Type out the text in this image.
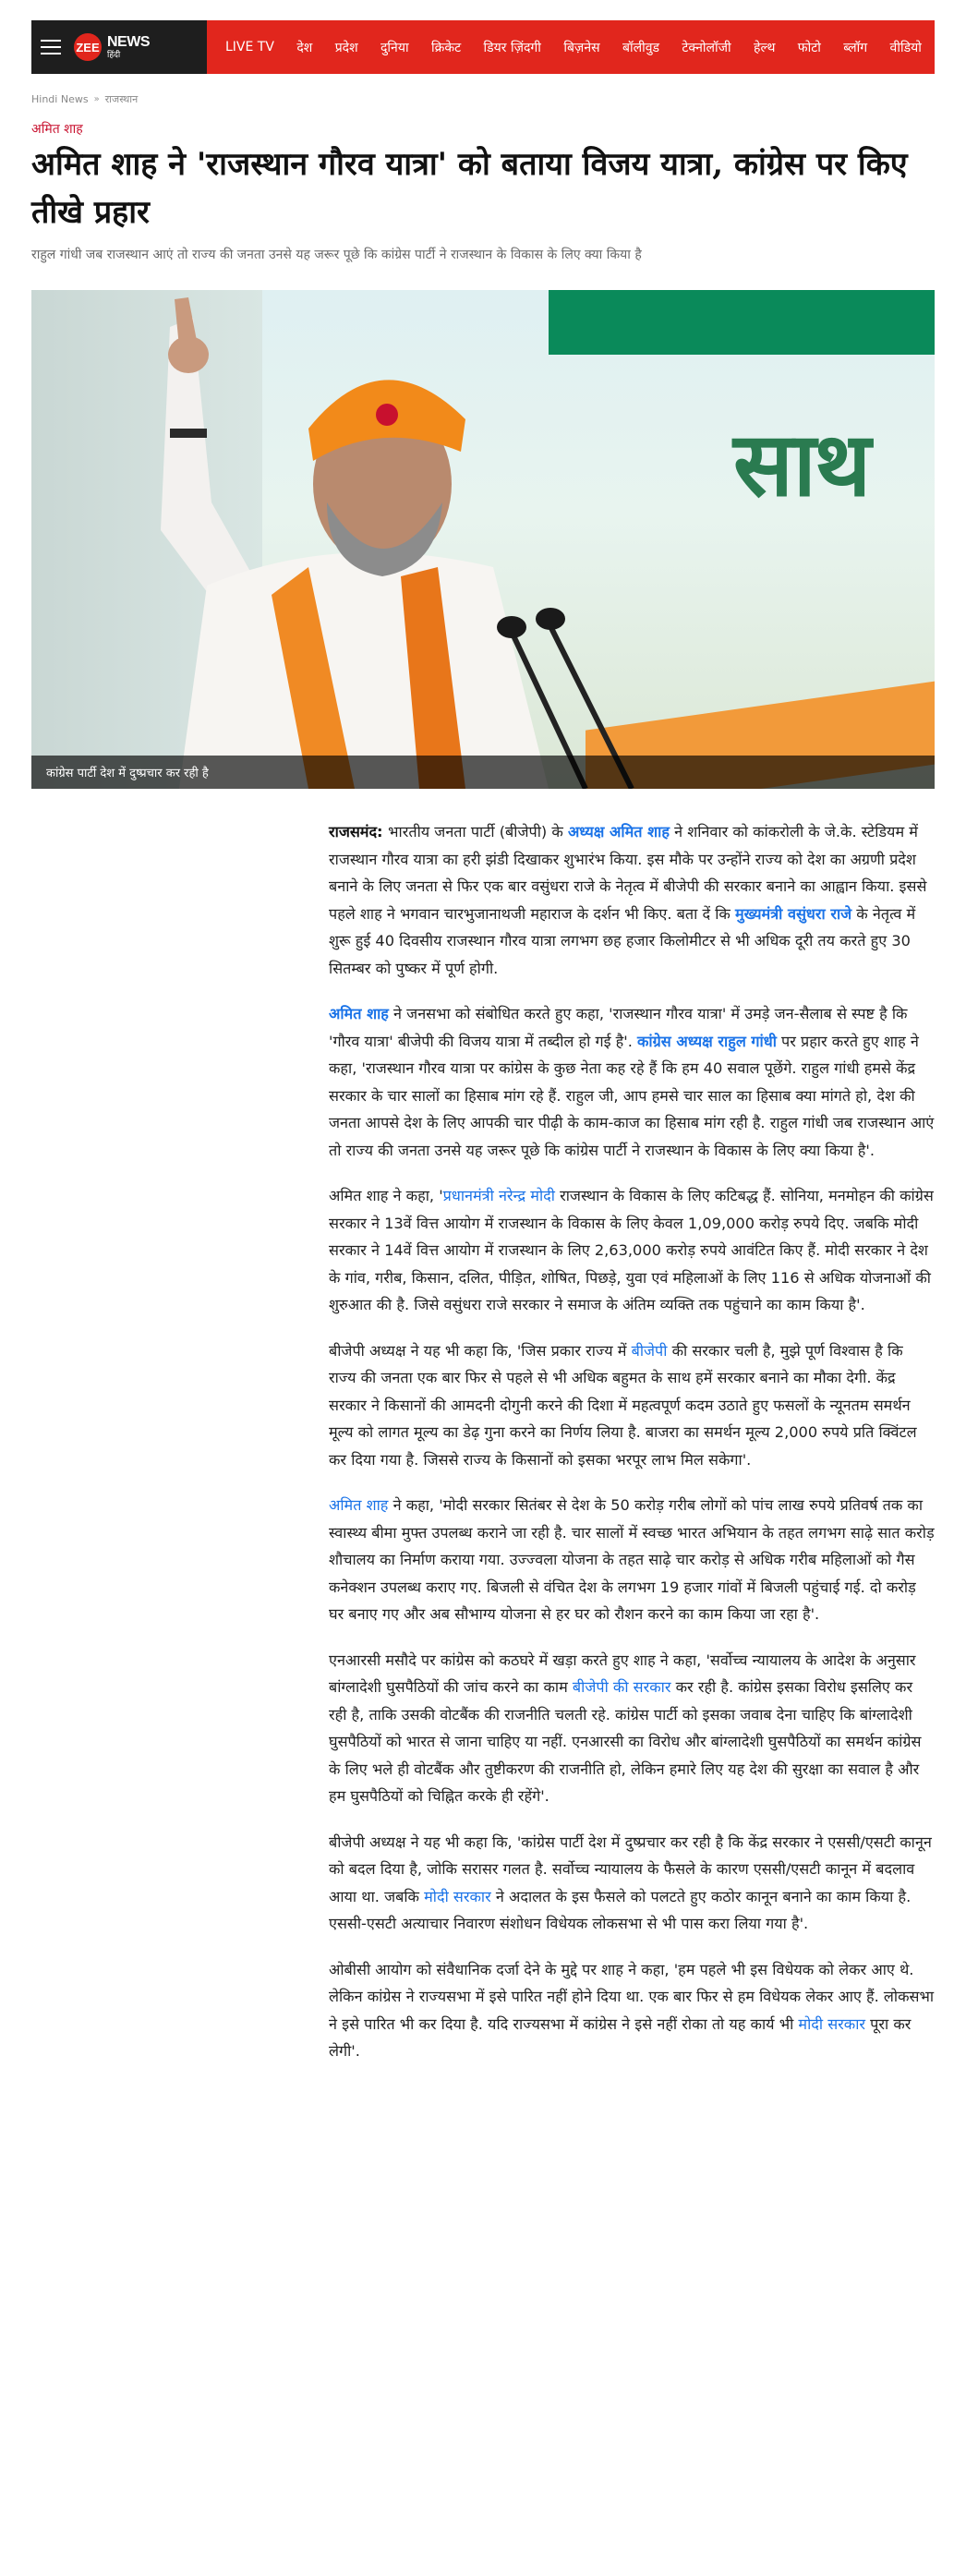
ZEE NEWS
हिंदी
LIVE TV देश प्रदेश दुनिया क्रिकेट डियर ज़िंदगी बिज़नेस बॉलीवुड टेक्नोलॉजी हेल्थ फोटो ब्लॉग वीडियो
Hindi News » राजस्थान
अमित शाह
अमित शाह ने 'राजस्थान गौरव यात्रा' को बताया विजय यात्रा, कांग्रेस पर किए तीखे प्रहार
राहुल गांधी जब राजस्थान आएं तो राज्य की जनता उनसे यह जरूर पूछे कि कांग्रेस पार्टी ने राजस्थान के विकास के लिए क्या किया है
साथ
कांग्रेस पार्टी देश में दुष्प्रचार कर रही है

राजसमंद: भारतीय जनता पार्टी (बीजेपी) के अध्यक्ष अमित शाह ने शनिवार को कांकरोली के जे.के. स्टेडियम में राजस्थान गौरव यात्रा का हरी झंडी दिखाकर शुभारंभ किया. इस मौके पर उन्होंने राज्य को देश का अग्रणी प्रदेश बनाने के लिए जनता से फिर एक बार वसुंधरा राजे के नेतृत्व में बीजेपी की सरकार बनाने का आह्वान किया. इससे पहले शाह ने भगवान चारभुजानाथजी महाराज के दर्शन भी किए. बता दें कि मुख्यमंत्री वसुंधरा राजे के नेतृत्व में शुरू हुई 40 दिवसीय राजस्थान गौरव यात्रा लगभग छह हजार किलोमीटर से भी अधिक दूरी तय करते हुए 30 सितम्बर को पुष्कर में पूर्ण होगी.

अमित शाह ने जनसभा को संबोधित करते हुए कहा, 'राजस्थान गौरव यात्रा' में उमड़े जन-सैलाब से स्पष्ट है कि 'गौरव यात्रा' बीजेपी की विजय यात्रा में तब्दील हो गई है'. कांग्रेस अध्यक्ष राहुल गांधी पर प्रहार करते हुए शाह ने कहा, 'राजस्थान गौरव यात्रा पर कांग्रेस के कुछ नेता कह रहे हैं कि हम 40 सवाल पूछेंगे. राहुल गांधी हमसे केंद्र सरकार के चार सालों का हिसाब मांग रहे हैं. राहुल जी, आप हमसे चार साल का हिसाब क्या मांगते हो, देश की जनता आपसे देश के लिए आपकी चार पीढ़ी के काम-काज का हिसाब मांग रही है. राहुल गांधी जब राजस्थान आएं तो राज्य की जनता उनसे यह जरूर पूछे कि कांग्रेस पार्टी ने राजस्थान के विकास के लिए क्या किया है'.

अमित शाह ने कहा, 'प्रधानमंत्री नरेन्द्र मोदी राजस्थान के विकास के लिए कटिबद्ध हैं. सोनिया, मनमोहन की कांग्रेस सरकार ने 13वें वित्त आयोग में राजस्थान के विकास के लिए केवल 1,09,000 करोड़ रुपये दिए. जबकि मोदी सरकार ने 14वें वित्त आयोग में राजस्थान के लिए 2,63,000 करोड़ रुपये आवंटित किए हैं. मोदी सरकार ने देश के गांव, गरीब, किसान, दलित, पीड़ित, शोषित, पिछड़े, युवा एवं महिलाओं के लिए 116 से अधिक योजनाओं की शुरुआत की है. जिसे वसुंधरा राजे सरकार ने समाज के अंतिम व्यक्ति तक पहुंचाने का काम किया है'.

बीजेपी अध्यक्ष ने यह भी कहा कि, 'जिस प्रकार राज्य में बीजेपी की सरकार चली है, मुझे पूर्ण विश्वास है कि राज्य की जनता एक बार फिर से पहले से भी अधिक बहुमत के साथ हमें सरकार बनाने का मौका देगी. केंद्र सरकार ने किसानों की आमदनी दोगुनी करने की दिशा में महत्वपूर्ण कदम उठाते हुए फसलों के न्यूनतम समर्थन मूल्य को लागत मूल्य का डेढ़ गुना करने का निर्णय लिया है. बाजरा का समर्थन मूल्य 2,000 रुपये प्रति क्विंटल कर दिया गया है. जिससे राज्य के किसानों को इसका भरपूर लाभ मिल सकेगा'.

अमित शाह ने कहा, 'मोदी सरकार सितंबर से देश के 50 करोड़ गरीब लोगों को पांच लाख रुपये प्रतिवर्ष तक का स्वास्थ्य बीमा मुफ्त उपलब्ध कराने जा रही है. चार सालों में स्वच्छ भारत अभियान के तहत लगभग साढ़े सात करोड़ शौचालय का निर्माण कराया गया. उज्ज्वला योजना के तहत साढ़े चार करोड़ से अधिक गरीब महिलाओं को गैस कनेक्शन उपलब्ध कराए गए. बिजली से वंचित देश के लगभग 19 हजार गांवों में बिजली पहुंचाई गई. दो करोड़ घर बनाए गए और अब सौभाग्य योजना से हर घर को रौशन करने का काम किया जा रहा है'.

एनआरसी मसौदे पर कांग्रेस को कठघरे में खड़ा करते हुए शाह ने कहा, 'सर्वोच्च न्यायालय के आदेश के अनुसार बांग्लादेशी घुसपैठियों की जांच करने का काम बीजेपी की सरकार कर रही है. कांग्रेस इसका विरोध इसलिए कर रही है, ताकि उसकी वोटबैंक की राजनीति चलती रहे. कांग्रेस पार्टी को इसका जवाब देना चाहिए कि बांग्लादेशी घुसपैठियों को भारत से जाना चाहिए या नहीं. एनआरसी का विरोध और बांग्लादेशी घुसपैठियों का समर्थन कांग्रेस के लिए भले ही वोटबैंक और तुष्टीकरण की राजनीति हो, लेकिन हमारे लिए यह देश की सुरक्षा का सवाल है और हम घुसपैठियों को चिह्नित करके ही रहेंगे'.

बीजेपी अध्यक्ष ने यह भी कहा कि, 'कांग्रेस पार्टी देश में दुष्प्रचार कर रही है कि केंद्र सरकार ने एससी/एसटी कानून को बदल दिया है, जोकि सरासर गलत है. सर्वोच्च न्यायालय के फैसले के कारण एससी/एसटी कानून में बदलाव आया था. जबकि मोदी सरकार ने अदालत के इस फैसले को पलटते हुए कठोर कानून बनाने का काम किया है. एससी-एसटी अत्याचार निवारण संशोधन विधेयक लोकसभा से भी पास करा लिया गया है'.

ओबीसी आयोग को संवैधानिक दर्जा देने के मुद्दे पर शाह ने कहा, 'हम पहले भी इस विधेयक को लेकर आए थे. लेकिन कांग्रेस ने राज्यसभा में इसे पारित नहीं होने दिया था. एक बार फिर से हम विधेयक लेकर आए हैं. लोकसभा ने इसे पारित भी कर दिया है. यदि राज्यसभा में कांग्रेस ने इसे नहीं रोका तो यह कार्य भी मोदी सरकार पूरा कर लेगी'.
